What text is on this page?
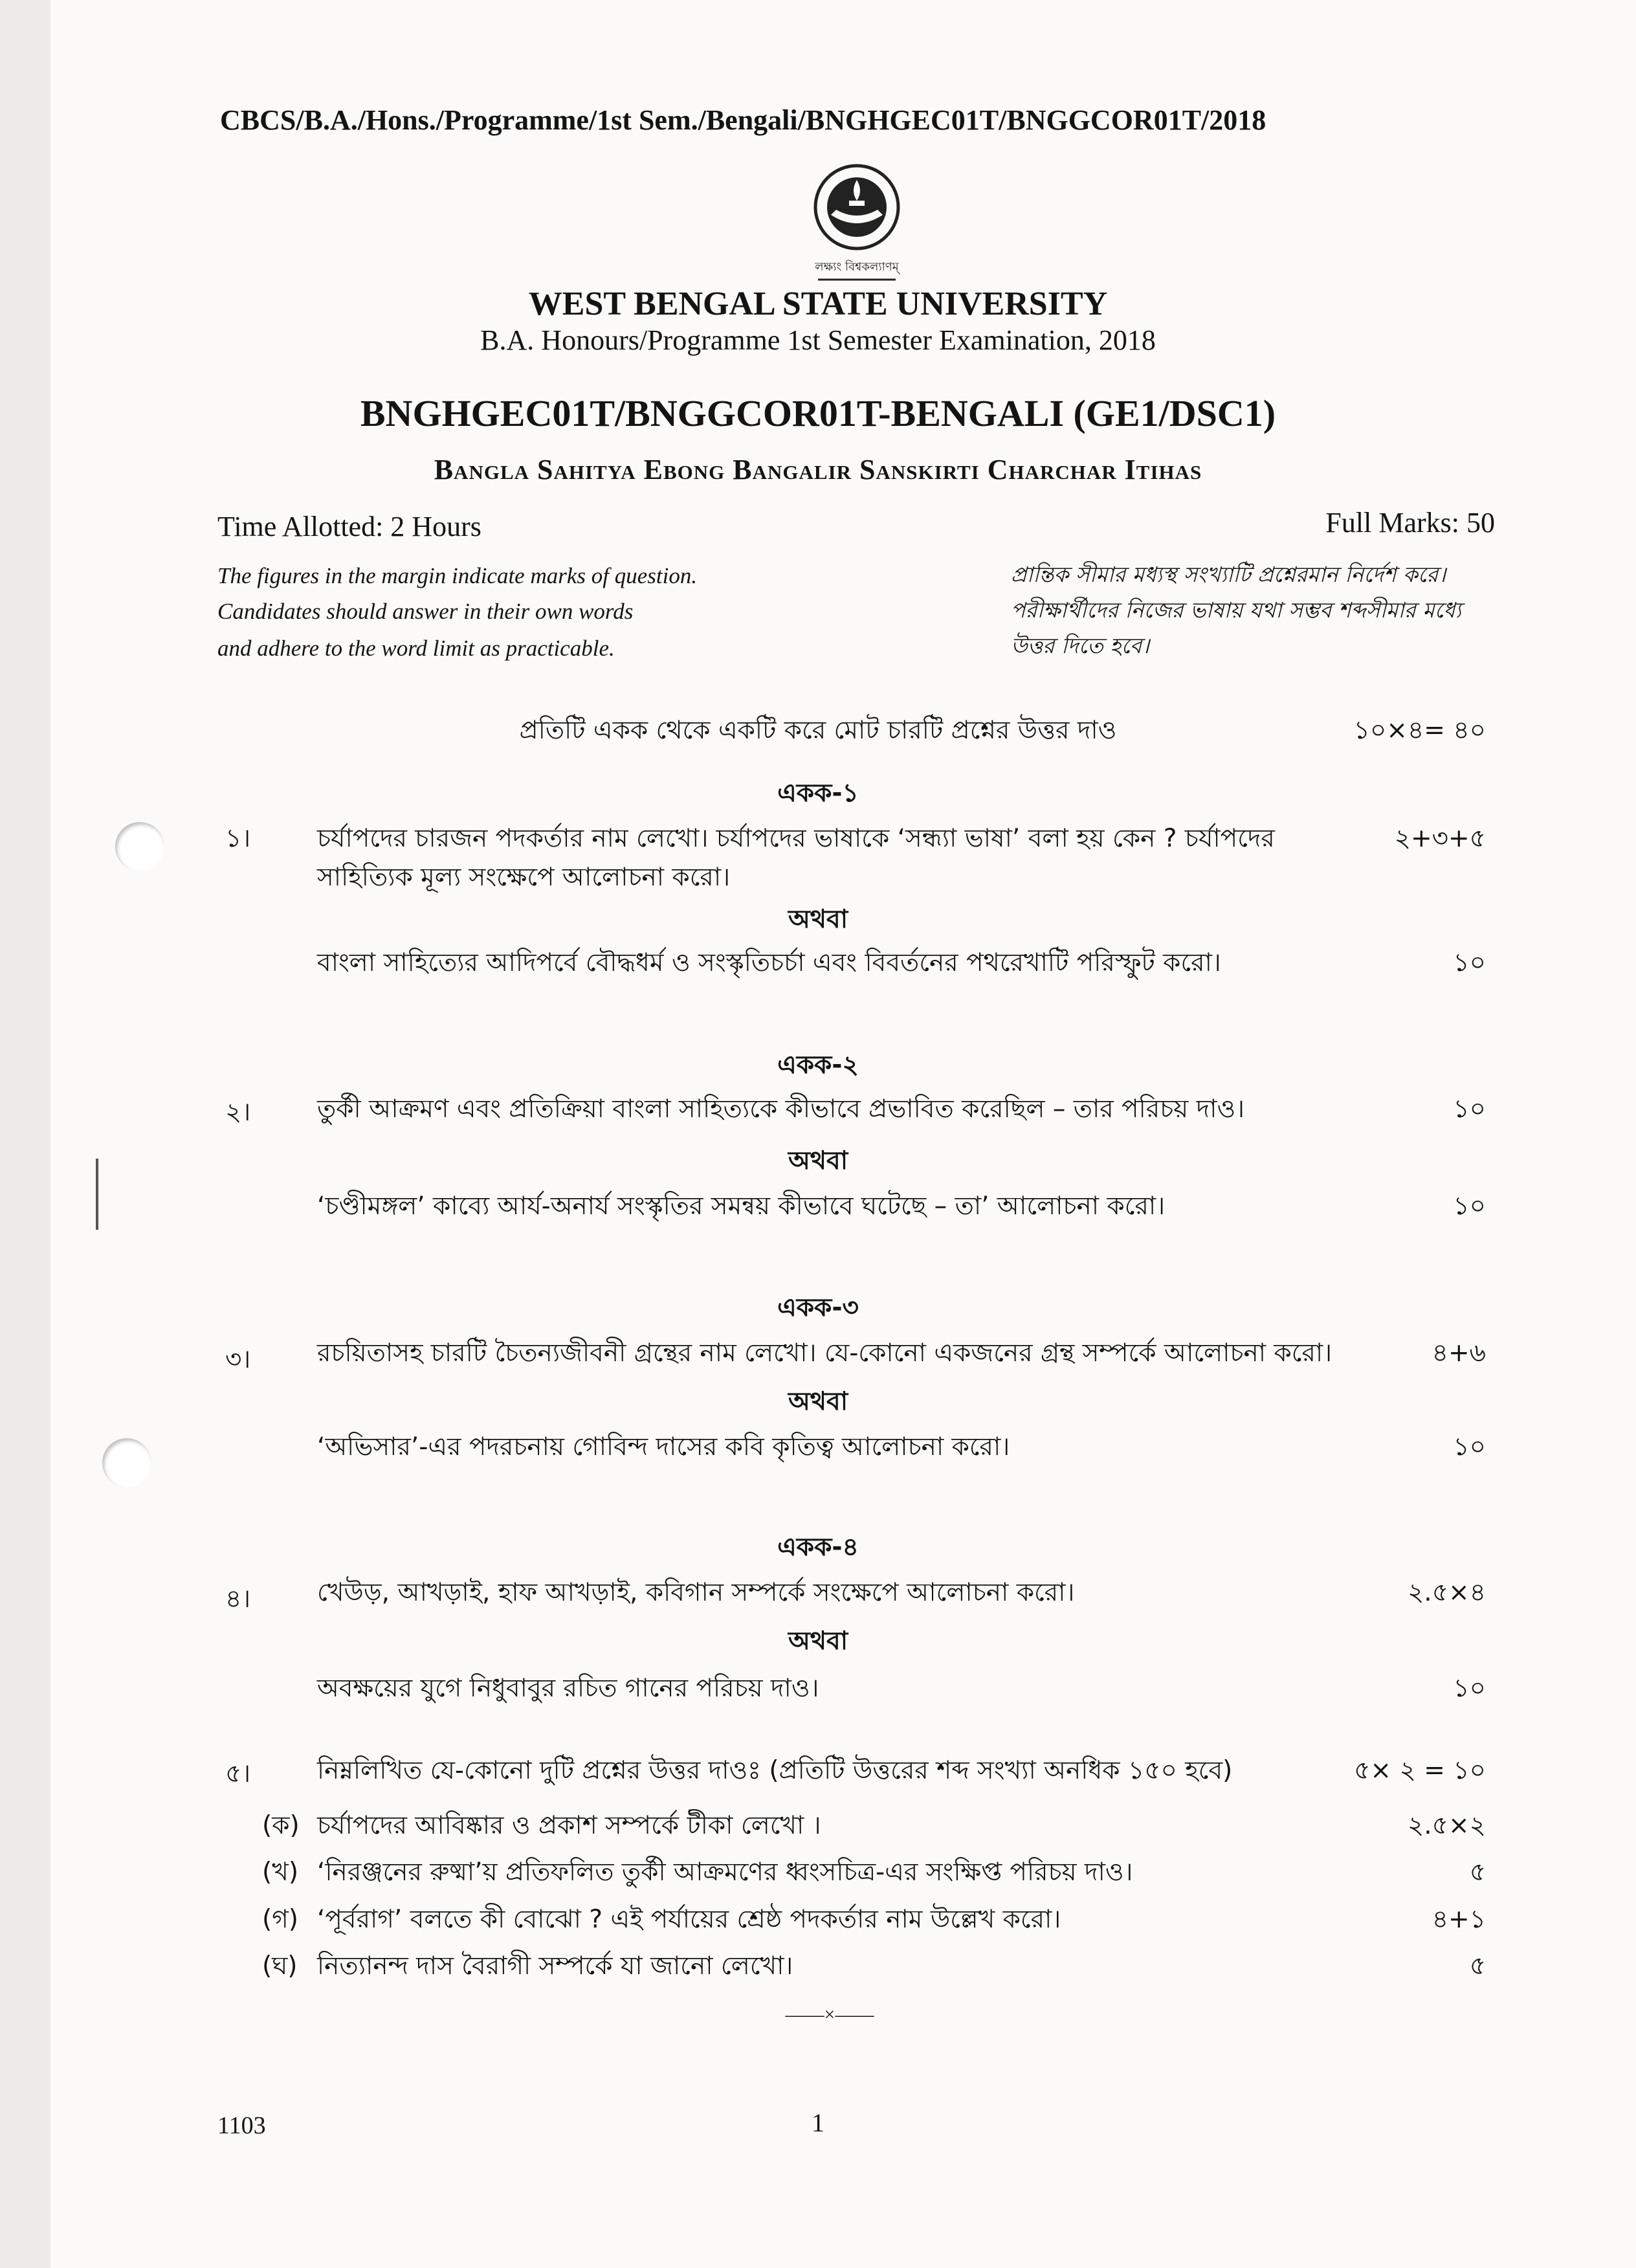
CBCS/B.A./Hons./Programme/1st Sem./Bengali/BNGHGEC01T/BNGGCOR01T/2018
লক্ষ্যং বিশ্বকল্যাণম্
WEST BENGAL STATE UNIVERSITY
B.A. Honours/Programme 1st Semester Examination, 2018
BNGHGEC01T/BNGGCOR01T-BENGALI (GE1/DSC1)
Bangla Sahitya Ebong Bangalir Sanskirti Charchar Itihas
Time Allotted: 2 Hours	Full Marks: 50
The figures in the margin indicate marks of question.
Candidates should answer in their own words
and adhere to the word limit as practicable.
প্রান্তিক সীমার মধ্যস্থ সংখ্যাটি প্রশ্নেরমান নির্দেশ করে।
পরীক্ষার্থীদের নিজের ভাষায় যথা সম্ভব শব্দসীমার মধ্যে
উত্তর দিতে হবে।
প্রতিটি একক থেকে একটি করে মোট চারটি প্রশ্নের উত্তর দাও	১০×৪= ৪০
একক-১
১।	চর্যাপদের চারজন পদকর্তার নাম লেখো। চর্যাপদের ভাষাকে ‘সন্ধ্যা ভাষা’ বলা হয় কেন ? চর্যাপদের
সাহিত্যিক মূল্য সংক্ষেপে আলোচনা করো।
২+৩+৫
অথবা
বাংলা সাহিত্যের আদিপর্বে বৌদ্ধধর্ম ও সংস্কৃতিচর্চা এবং বিবর্তনের পথরেখাটি পরিস্ফুট করো।	১০
একক-২
২।	তুর্কী আক্রমণ এবং প্রতিক্রিয়া বাংলা সাহিত্যকে কীভাবে প্রভাবিত করেছিল – তার পরিচয় দাও।	১০
অথবা
‘চণ্ডীমঙ্গল’ কাব্যে আর্য-অনার্য সংস্কৃতির সমন্বয় কীভাবে ঘটেছে – তা’ আলোচনা করো।	১০
একক-৩
৩।	রচয়িতাসহ চারটি চৈতন্যজীবনী গ্রন্থের নাম লেখো। যে-কোনো একজনের গ্রন্থ সম্পর্কে আলোচনা করো।	৪+৬
অথবা
‘অভিসার’-এর পদরচনায় গোবিন্দ দাসের কবি কৃতিত্ব আলোচনা করো।	১০
একক-৪
৪।	খেউড়, আখড়াই, হাফ আখড়াই, কবিগান সম্পর্কে সংক্ষেপে আলোচনা করো।	২.৫×৪
অথবা
অবক্ষয়ের যুগে নিধুবাবুর রচিত গানের পরিচয় দাও।	১০
৫।	নিম্নলিখিত যে-কোনো দুটি প্রশ্নের উত্তর দাওঃ (প্রতিটি উত্তরের শব্দ সংখ্যা অনধিক ১৫০ হবে)	৫× ২ = ১০
(ক) চর্যাপদের আবিষ্কার ও প্রকাশ সম্পর্কে টীকা লেখো ।	২.৫×২
(খ) ‘নিরঞ্জনের রুষ্মা’য় প্রতিফলিত তুর্কী আক্রমণের ধ্বংসচিত্র-এর সংক্ষিপ্ত পরিচয় দাও।	৫
(গ) ‘পূর্বরাগ’ বলতে কী বোঝো ? এই পর্যায়ের শ্রেষ্ঠ পদকর্তার নাম উল্লেখ করো।	৪+১
(ঘ) নিত্যানন্দ দাস বৈরাগী সম্পর্কে যা জানো লেখো।	৫
——×——
1
1103
